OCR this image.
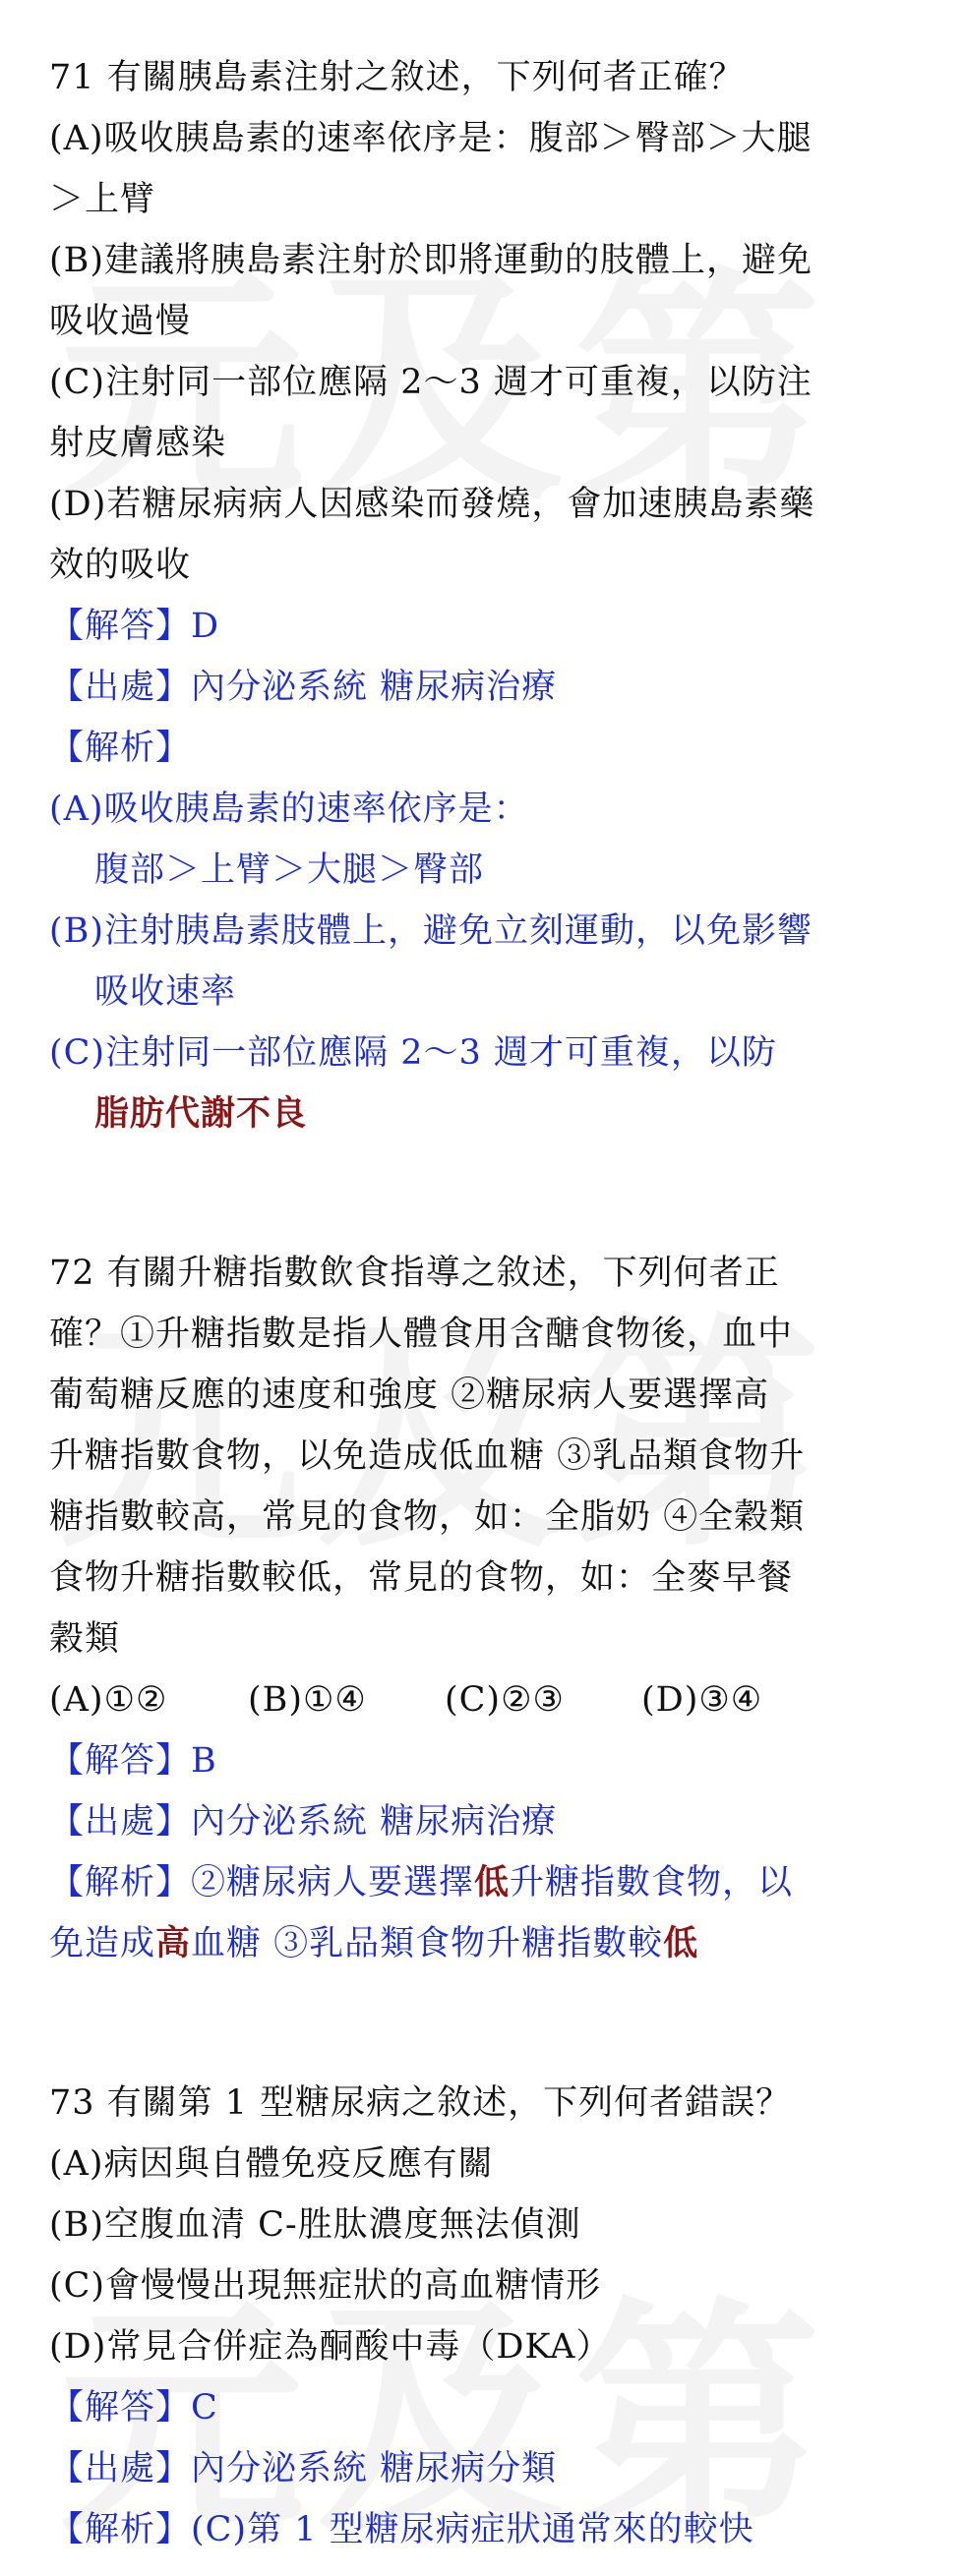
71 有關胰島素注射之敘述，下列何者正確？
(A)吸收胰島素的速率依序是：腹部＞臀部＞大腿
＞上臂
(B)建議將胰島素注射於即將運動的肢體上，避免
吸收過慢
(C)注射同一部位應隔 2～3 週才可重複，以防注
射皮膚感染
(D)若糖尿病病人因感染而發燒，會加速胰島素藥
效的吸收
【解答】D
【出處】內分泌系統 糖尿病治療
【解析】
(A)吸收胰島素的速率依序是：
腹部＞上臂＞大腿＞臀部
(B)注射胰島素肢體上，避免立刻運動，以免影響
吸收速率
(C)注射同一部位應隔 2～3 週才可重複，以防
脂肪代謝不良
72 有關升糖指數飲食指導之敘述，下列何者正
確？①升糖指數是指人體食用含醣食物後，血中
葡萄糖反應的速度和強度 ②糖尿病人要選擇高
升糖指數食物，以免造成低血糖 ③乳品類食物升
糖指數較高，常見的食物，如：全脂奶 ④全穀類
食物升糖指數較低，常見的食物，如：全麥早餐
穀類
(A)①② (B)①④ (C)②③ (D)③④
【解答】B
【出處】內分泌系統 糖尿病治療
【解析】②糖尿病人要選擇低升糖指數食物，以
免造成高血糖 ③乳品類食物升糖指數較低
73 有關第 1 型糖尿病之敘述，下列何者錯誤？
(A)病因與自體免疫反應有關
(B)空腹血清 C-胜肽濃度無法偵測
(C)會慢慢出現無症狀的高血糖情形
(D)常見合併症為酮酸中毒（DKA）
【解答】C
【出處】內分泌系統 糖尿病分類
【解析】(C)第 1 型糖尿病症狀通常來的較快
